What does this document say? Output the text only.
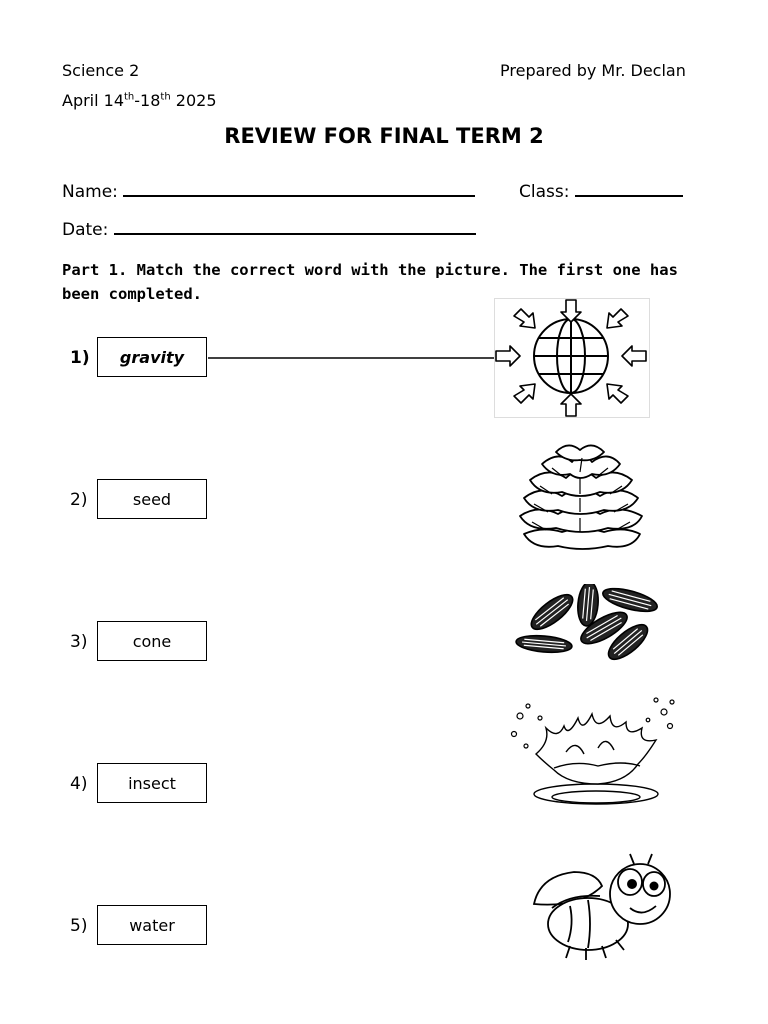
Science 2	Prepared by Mr. Declan
April 14th-18th 2025
REVIEW FOR FINAL TERM 2
Name:	Class:
Date:
Part 1. Match the correct word with the picture. The first one has been completed.
1) gravity
2)	seed
3)	cone
4)	insect
5)	water
